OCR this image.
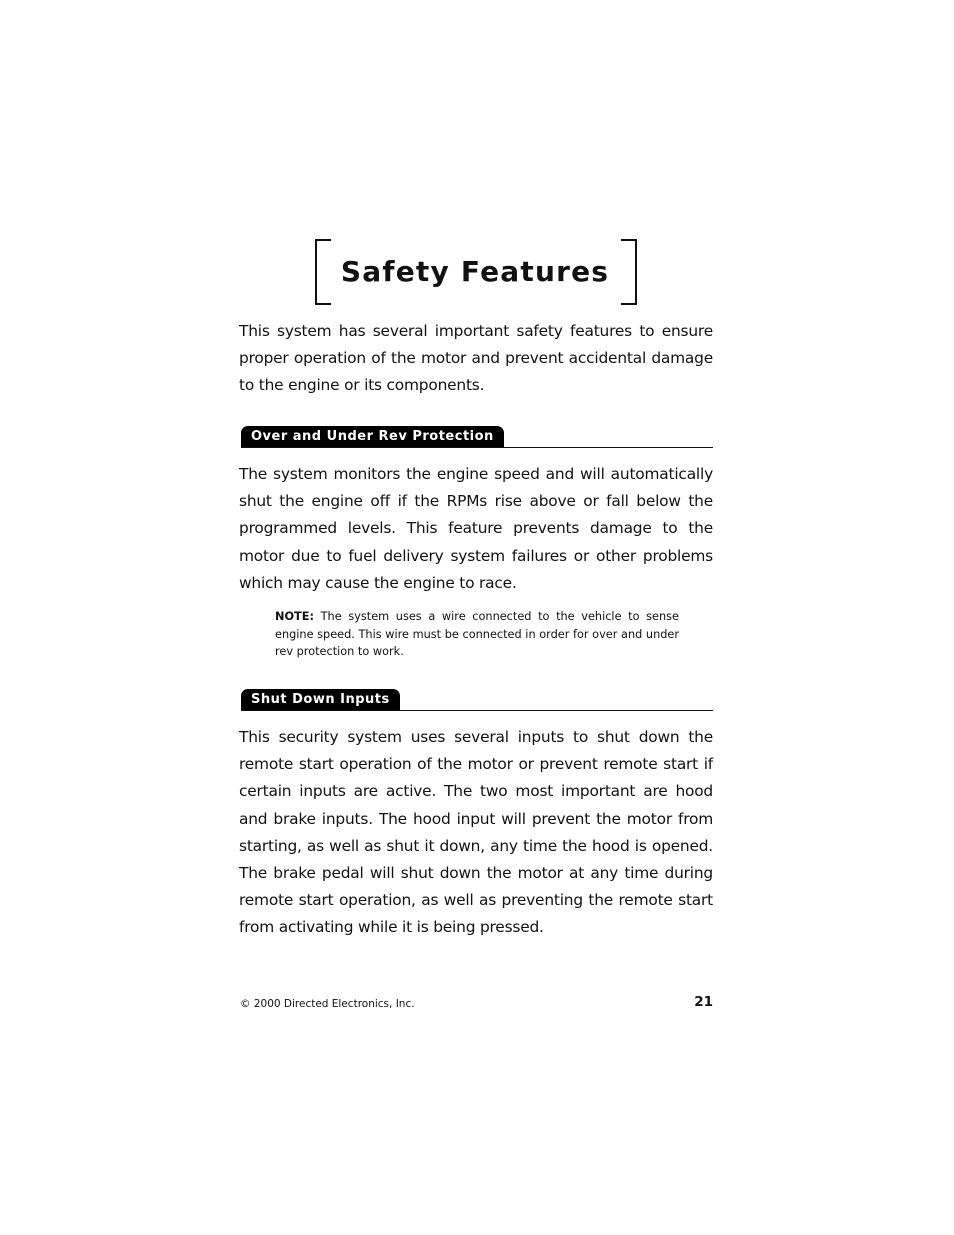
Safety Features

This system has several important safety features to ensure proper operation of the motor and prevent accidental damage to the engine or its components.

Over and Under Rev Protection

The system monitors the engine speed and will automatically shut the engine off if the RPMs rise above or fall below the programmed levels. This feature prevents damage to the motor due to fuel delivery system failures or other problems which may cause the engine to race.

NOTE: The system uses a wire connected to the vehicle to sense engine speed. This wire must be connected in order for over and under rev protection to work.

Shut Down Inputs

This security system uses several inputs to shut down the remote start operation of the motor or prevent remote start if certain inputs are active. The two most important are hood and brake inputs. The hood input will prevent the motor from starting, as well as shut it down, any time the hood is opened. The brake pedal will shut down the motor at any time during remote start operation, as well as preventing the remote start from activating while it is being pressed.

© 2000 Directed Electronics, Inc.	21
